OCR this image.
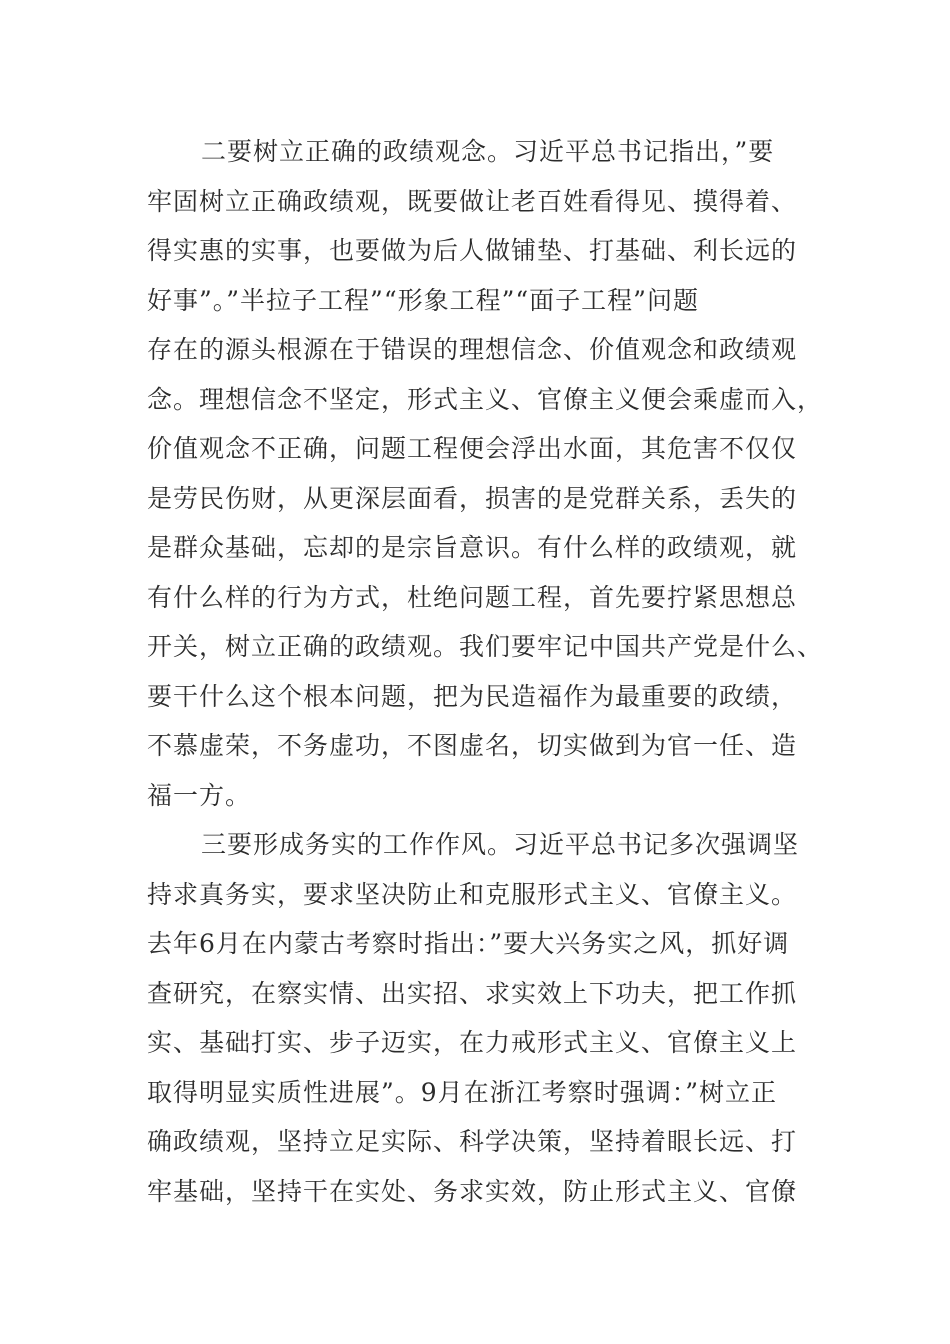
二要树立正确的政绩观念。习近平总书记指出，”要
牢固树立正确政绩观，既要做让老百姓看得见、摸得着、
得实惠的实事，也要做为后人做铺垫、打基础、利长远的
好事”。”半拉子工程”“形象工程”“面子工程”问题
存在的源头根源在于错误的理想信念、价值观念和政绩观
念。理想信念不坚定，形式主义、官僚主义便会乘虚而入，
价值观念不正确，问题工程便会浮出水面，其危害不仅仅
是劳民伤财，从更深层面看，损害的是党群关系，丢失的
是群众基础，忘却的是宗旨意识。有什么样的政绩观，就
有什么样的行为方式，杜绝问题工程，首先要拧紧思想总
开关，树立正确的政绩观。我们要牢记中国共产党是什么、
要干什么这个根本问题，把为民造福作为最重要的政绩，
不慕虚荣，不务虚功，不图虚名，切实做到为官一任、造
福一方。
三要形成务实的工作作风。习近平总书记多次强调坚
持求真务实，要求坚决防止和克服形式主义、官僚主义。
去年6月在内蒙古考察时指出：”要大兴务实之风，抓好调
查研究，在察实情、出实招、求实效上下功夫，把工作抓
实、基础打实、步子迈实，在力戒形式主义、官僚主义上
取得明显实质性进展”。9月在浙江考察时强调：”树立正
确政绩观，坚持立足实际、科学决策，坚持着眼长远、打
牢基础，坚持干在实处、务求实效，防止形式主义、官僚
